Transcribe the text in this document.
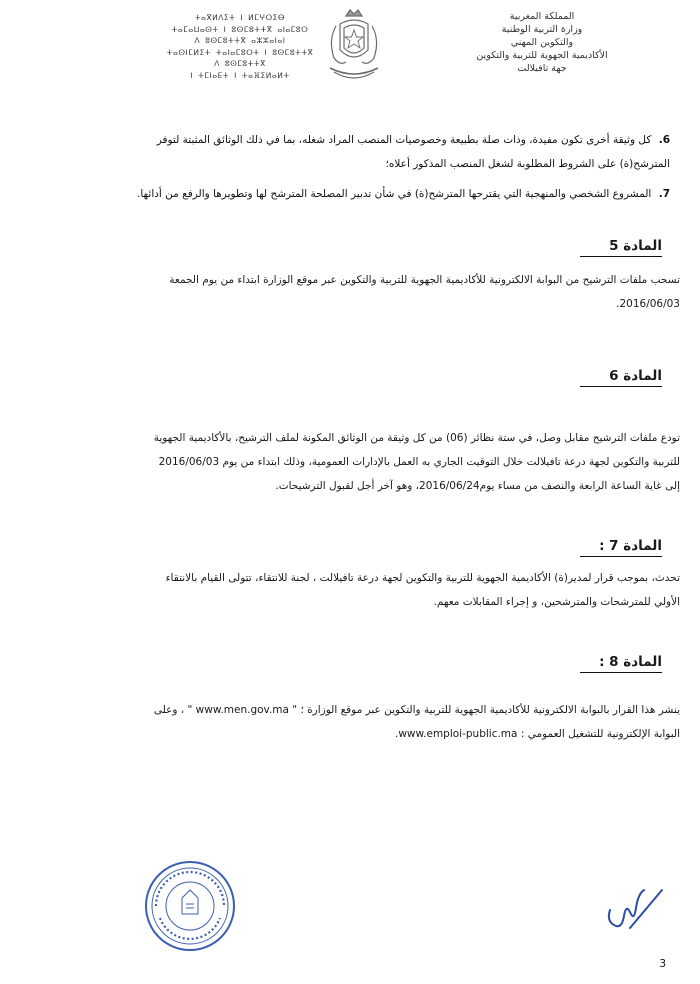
المملكة المغربية
وزارة التربية الوطنية
والتكوين المهني
الأكاديمية الجهوية للتربية والتكوين
جهة تافيلالت
ⵜⴰⴳⵍⴷⵉⵜ ⵏ ⵍⵎⵖⵔⵉⴱ
ⵜⴰⵎⴰⵡⴰⵙⵜ ⵏ ⵓⵙⵎⵓⵜⵜⴳ ⴰⵏⴰⵎⵓⵔ
ⴷ ⵓⵙⵎⵓⵜⵜⴳ ⴰⵣⵣⴰⵏⴰⵏ
ⵜⴰⵙⵏⵎⵍⵉⵜ ⵜⴰⵏⴰⵎⵓⵔⵜ ⵏ ⵓⵙⵎⵓⵜⵜⴳ
ⴷ ⵓⵙⵎⵓⵜⵜⴳ
ⵏ ⵜⵎⵏⴰⴹⵜ ⵏ ⵜⴰⴼⵉⵍⴰⵍⵜ
6. كل وثيقة أخرى تكون مفيدة، وذات صلة بطبيعة وخصوصيات المنصب المراد شغله، بما في ذلك الوثائق المثبتة لتوفر
المترشح(ة) على الشروط المطلوبة لشغل المنصب المذكور أعلاه؛
7. المشروع الشخصي والمنهجية التي يقترحها المترشح(ة) في شأن تدبير المصلحة المترشح لها وتطويرها والرفع من أدائها.
المادة 5
تسحب ملفات الترشيح من البوابة الالكترونية للأكاديمية الجهوية للتربية والتكوين عبر موقع الوزارة ابتداء من يوم الجمعة
2016/06/03.
المادة 6
تودع ملفات الترشيح مقابل وصل، في ستة نظائر (06) من كل وثيقة من الوثائق المكونة لملف الترشيح، بالأكاديمية الجهوية
للتربية والتكوين لجهة درعة تافيلالت خلال التوقيت الجاري به العمل بالإدارات العمومية، وذلك ابتداء من يوم 2016/06/03
إلى غاية الساعة الرابعة والنصف من مساء يوم2016/06/24، وهو آخر أجل لقبول الترشيحات.
المادة 7 :
تحدث، بموجب قرار لمدير(ة) الأكاديمية الجهوية للتربية والتكوين لجهة درعة تافيلالت ، لجنة للانتقاء، تتولى القيام بالانتقاء
الأولي للمترشحات والمترشحين، و إجراء المقابلات معهم.
المادة 8 :
ينشر هذا القرار بالبوابة الالكترونية للأكاديمية الجهوية للتربية والتكوين عبر موقع الوزارة ؛ " www.men.gov.ma " ، وعلى
البوابة الإلكترونية للتشغيل العمومي : www.emploi-public.ma.
3
